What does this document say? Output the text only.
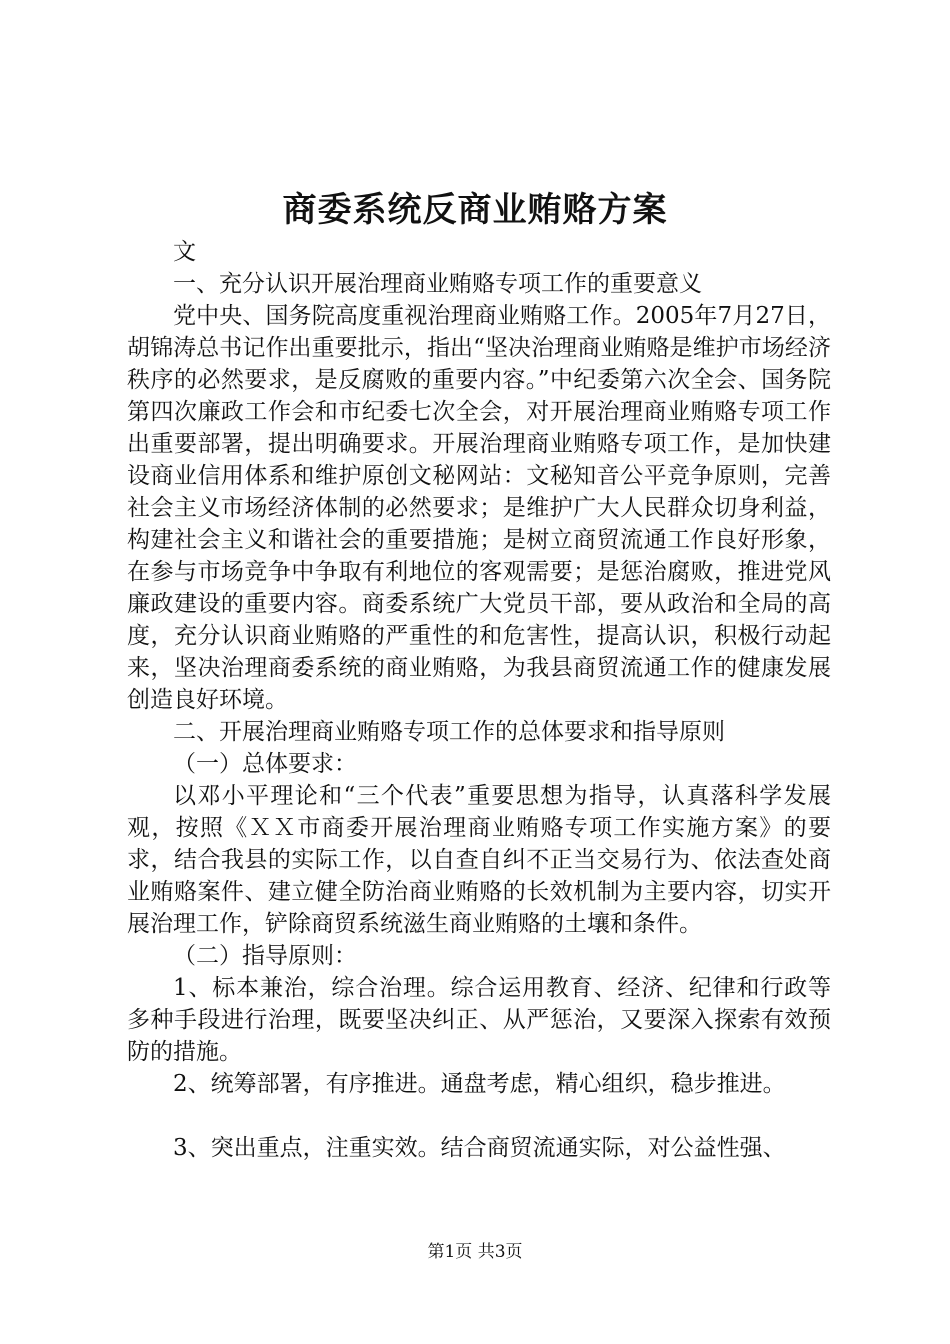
商委系统反商业贿赂方案

文

一、充分认识开展治理商业贿赂专项工作的重要意义

党中央、国务院高度重视治理商业贿赂工作。2005年7月27日，胡锦涛总书记作出重要批示，指出“坚决治理商业贿赂是维护市场经济秩序的必然要求，是反腐败的重要内容。”中纪委第六次全会、国务院第四次廉政工作会和市纪委七次全会，对开展治理商业贿赂专项工作出重要部署，提出明确要求。开展治理商业贿赂专项工作，是加快建设商业信用体系和维护原创文秘网站：文秘知音公平竞争原则，完善社会主义市场经济体制的必然要求；是维护广大人民群众切身利益，构建社会主义和谐社会的重要措施；是树立商贸流通工作良好形象，在参与市场竞争中争取有利地位的客观需要；是惩治腐败，推进党风廉政建设的重要内容。商委系统广大党员干部，要从政治和全局的高度，充分认识商业贿赂的严重性的和危害性，提高认识，积极行动起来，坚决治理商委系统的商业贿赂，为我县商贸流通工作的健康发展创造良好环境。

二、开展治理商业贿赂专项工作的总体要求和指导原则

（一）总体要求：

以邓小平理论和“三个代表”重要思想为指导，认真落科学发展观，按照《ＸＸ市商委开展治理商业贿赂专项工作实施方案》的要求，结合我县的实际工作，以自查自纠不正当交易行为、依法查处商业贿赂案件、建立健全防治商业贿赂的长效机制为主要内容，切实开展治理工作，铲除商贸系统滋生商业贿赂的土壤和条件。

（二）指导原则：

1、标本兼治，综合治理。综合运用教育、经济、纪律和行政等多种手段进行治理，既要坚决纠正、从严惩治，又要深入探索有效预防的措施。

2、统筹部署，有序推进。通盘考虑，精心组织，稳步推进。

3、突出重点，注重实效。结合商贸流通实际，对公益性强、

第1页 共3页
